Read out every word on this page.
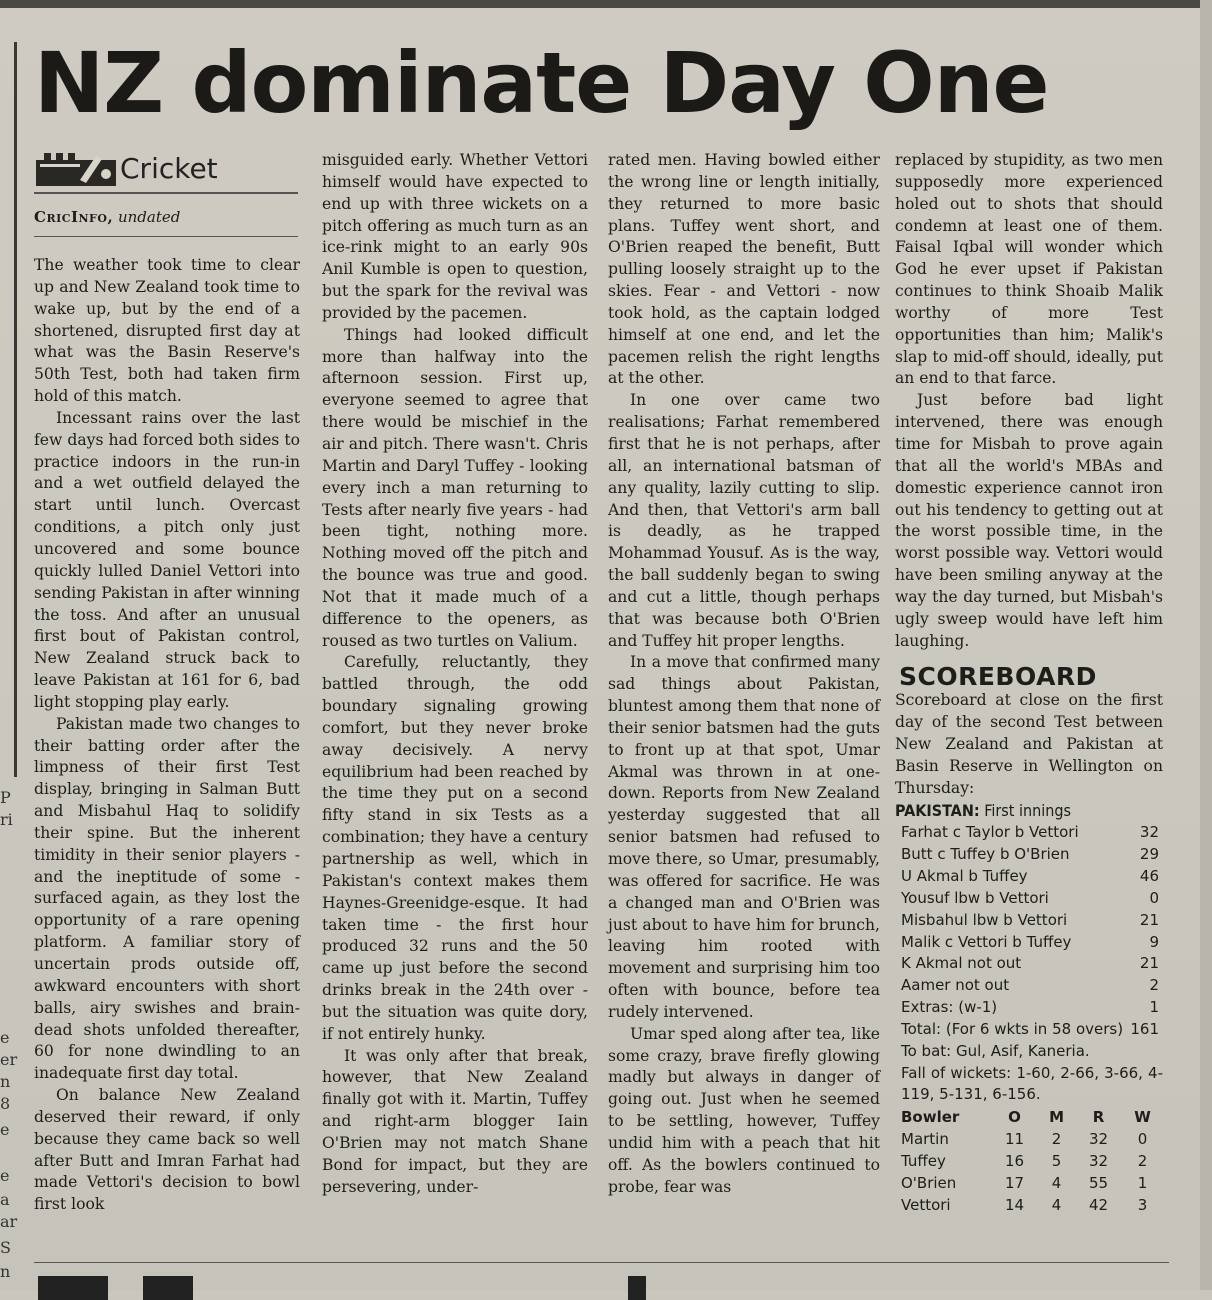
P
ri
e
er
n
8
e
e
a
ar
S
n
NZ dominate Day One
Cricket
CricInfo, undated

The weather took time to clear up and New Zealand took time to wake up, but by the end of a shortened, disrupted first day at what was the Basin Reserve's 50th Test, both had taken firm hold of this match.

Incessant rains over the last few days had forced both sides to practice indoors in the run-in and a wet outfield delayed the start until lunch. Overcast conditions, a pitch only just uncovered and some bounce quickly lulled Daniel Vettori into sending Pakistan in after winning the toss. And after an unusual first bout of Pakistan control, New Zealand struck back to leave Pakistan at 161 for 6, bad light stopping play early.

Pakistan made two changes to their batting order after the limpness of their first Test display, bringing in Salman Butt and Misbahul Haq to solidify their spine. But the inherent timidity in their senior players - and the ineptitude of some - surfaced again, as they lost the opportunity of a rare opening platform. A familiar story of uncertain prods outside off, awkward encounters with short balls, airy swishes and brain-dead shots unfolded thereafter, 60 for none dwindling to an inadequate first day total.

On balance New Zealand deserved their reward, if only because they came back so well after Butt and Imran Farhat had made Vettori's decision to bowl first look

misguided early. Whether Vettori himself would have expected to end up with three wickets on a pitch offering as much turn as an ice-rink might to an early 90s Anil Kumble is open to question, but the spark for the revival was provided by the pacemen.

Things had looked difficult more than halfway into the afternoon session. First up, everyone seemed to agree that there would be mischief in the air and pitch. There wasn't. Chris Martin and Daryl Tuffey - looking every inch a man returning to Tests after nearly five years - had been tight, nothing more. Nothing moved off the pitch and the bounce was true and good. Not that it made much of a difference to the openers, as roused as two turtles on Valium.

Carefully, reluctantly, they battled through, the odd boundary signaling growing comfort, but they never broke away decisively. A nervy equilibrium had been reached by the time they put on a second fifty stand in six Tests as a combination; they have a century partnership as well, which in Pakistan's context makes them Haynes-Greenidge-esque. It had taken time - the first hour produced 32 runs and the 50 came up just before the second drinks break in the 24th over - but the situation was quite dory, if not entirely hunky.

It was only after that break, however, that New Zealand finally got with it. Martin, Tuffey and right-arm blogger Iain O'Brien may not match Shane Bond for impact, but they are persevering, under-

rated men. Having bowled either the wrong line or length initially, they returned to more basic plans. Tuffey went short, and O'Brien reaped the benefit, Butt pulling loosely straight up to the skies. Fear - and Vettori - now took hold, as the captain lodged himself at one end, and let the pacemen relish the right lengths at the other.

In one over came two realisations; Farhat remembered first that he is not perhaps, after all, an international batsman of any quality, lazily cutting to slip. And then, that Vettori's arm ball is deadly, as he trapped Mohammad Yousuf. As is the way, the ball suddenly began to swing and cut a little, though perhaps that was because both O'Brien and Tuffey hit proper lengths.

In a move that confirmed many sad things about Pakistan, bluntest among them that none of their senior batsmen had the guts to front up at that spot, Umar Akmal was thrown in at one-down. Reports from New Zealand yesterday suggested that all senior batsmen had refused to move there, so Umar, presumably, was offered for sacrifice. He was a changed man and O'Brien was just about to have him for brunch, leaving him rooted with movement and surprising him too often with bounce, before tea rudely intervened.

Umar sped along after tea, like some crazy, brave firefly glowing madly but always in danger of going out. Just when he seemed to be settling, however, Tuffey undid him with a peach that hit off. As the bowlers continued to probe, fear was

replaced by stupidity, as two men supposedly more experienced holed out to shots that should condemn at least one of them. Faisal Iqbal will wonder which God he ever upset if Pakistan continues to think Shoaib Malik worthy of more Test opportunities than him; Malik's slap to mid-off should, ideally, put an end to that farce.

Just before bad light intervened, there was enough time for Misbah to prove again that all the world's MBAs and domestic experience cannot iron out his tendency to getting out at the worst possible time, in the worst possible way. Vettori would have been smiling anyway at the way the day turned, but Misbah's ugly sweep would have left him laughing.

SCOREBOARD

Scoreboard at close on the first day of the second Test between New Zealand and Pakistan at Basin Reserve in Wellington on Thursday:

PAKISTAN: First innings
Farhat c Taylor b Vettori	32
Butt c Tuffey b O'Brien	29
U Akmal b Tuffey	46
Yousuf lbw b Vettori	0
Misbahul lbw b Vettori	21
Malik c Vettori b Tuffey	9
K Akmal not out	21
Aamer not out	2
Extras: (w-1)	1
Total: (For 6 wkts in 58 overs) 161
To bat: Gul, Asif, Kaneria.
Fall of wickets: 1-60, 2-66, 3-66, 4-119, 5-131, 6-156.
Bowler	O	M	R	W
Martin	11	2	32	0
Tuffey	16	5	32	2
O'Brien	17	4	55	1
Vettori	14	4	42	3
